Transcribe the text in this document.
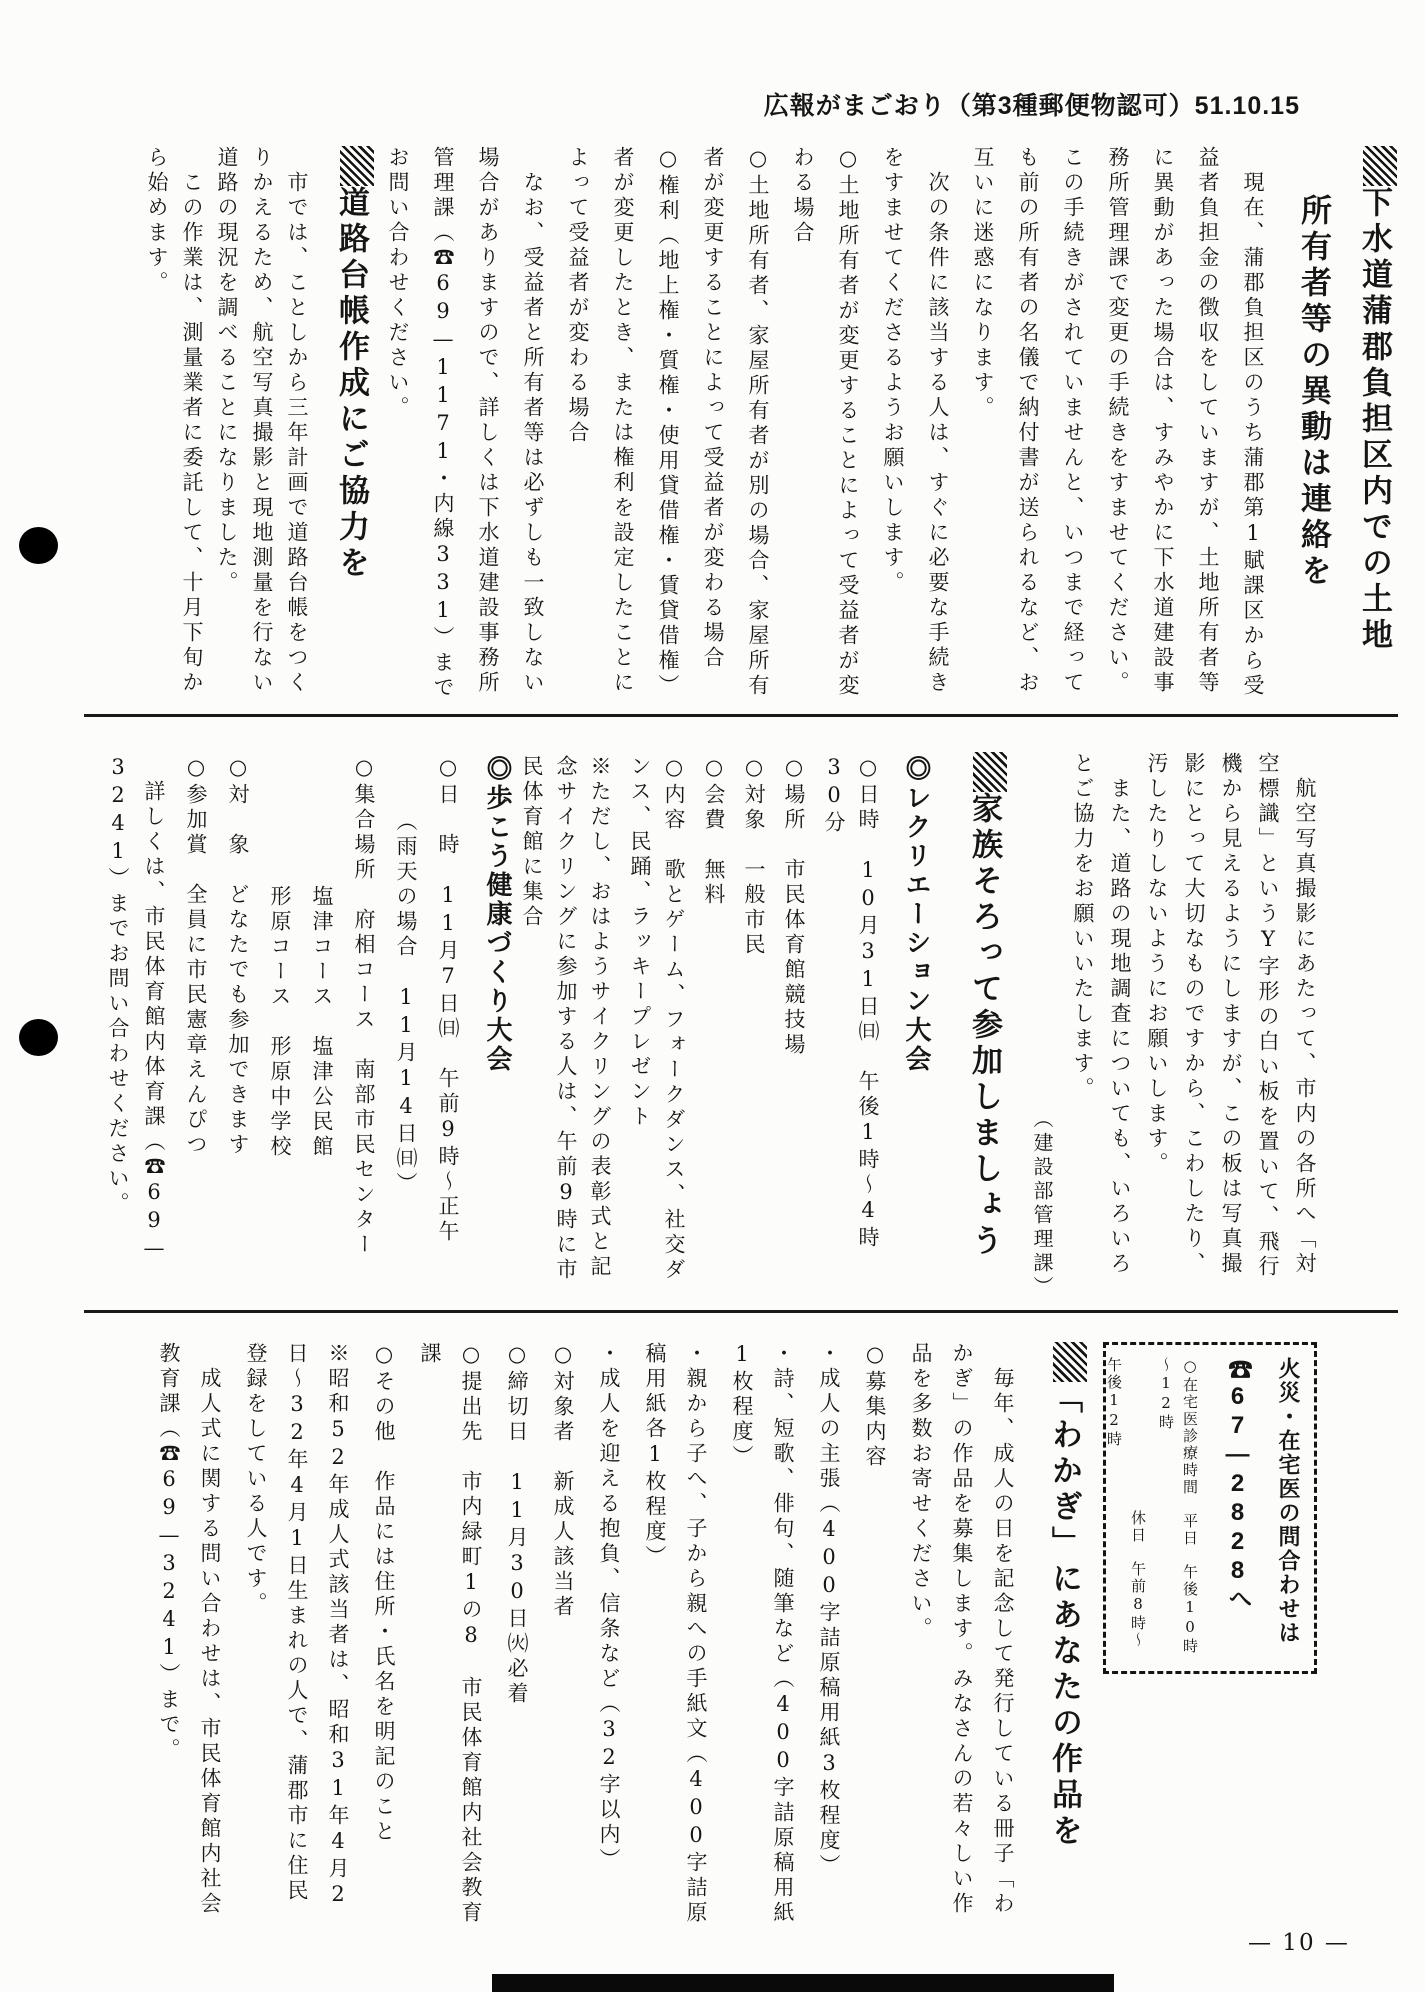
広報がまごおり（第3種郵便物認可）51.10.15
下水道蒲郡負担区内での土地
所有者等の異動は連絡を

　現在、蒲郡負担区のうち蒲郡第1賦課区から受益者負担金の徴収をしていますが、土地所有者等に異動があった場合は、すみやかに下水道建設事務所管理課で変更の手続きをすませてください。この手続きがされていませんと、いつまで経っても前の所有者の名儀で納付書が送られるなど、お互いに迷惑になります。

　次の条件に該当する人は、すぐに必要な手続きをすませてくださるようお願いします。

○土地所有者が変更することによって受益者が変わる場合

○土地所有者、家屋所有者が別の場合、家屋所有者が変更することによって受益者が変わる場合

○権利（地上権・質権・使用貸借権・賃貸借権）者が変更したとき、または権利を設定したことによって受益者が変わる場合

　なお、受益者と所有者等は必ずしも一致しない場合がありますので、詳しくは下水道建設事務所管理課（☎69—1171・内線331）までお問い合わせください。

道路台帳作成にご協力を

　市では、ことしから三年計画で道路台帳をつくりかえるため、航空写真撮影と現地測量を行ない道路の現況を調べることになりました。

　この作業は、測量業者に委託して、十月下旬から始めます。

　航空写真撮影にあたって、市内の各所へ「対空標識」というY字形の白い板を置いて、飛行機から見えるようにしますが、この板は写真撮影にとって大切なものですから、こわしたり、汚したりしないようにお願いします。

　また、道路の現地調査についても、いろいろとご協力をお願いいたします。

（建設部管理課）

家族そろって参加しましょう
◎レクリエーション大会

○日時　10月31日㈰　午後1時～4時30分

○場所　市民体育館競技場

○対象　一般市民

○会費　無料

○内容　歌とゲーム、フォークダンス、社交ダンス、民踊、ラッキープレゼント

※ただし、おはようサイクリングの表彰式と記念サイクリングに参加する人は、午前9時に市民体育館に集合

◎歩こう健康づくり大会

○日　時　11月7日㈰　午前9時～正午

（雨天の場合　11月14日㈰）

○集合場所　府相コース　南部市民センター

塩津コース　塩津公民館

形原コース　形原中学校

○対　象　どなたでも参加できます

○参加賞　全員に市民憲章えんぴつ

　詳しくは、市民体育館内体育課（☎69—3241）までお問い合わせください。

火災・在宅医の問合わせは

☎67—2828へ

○在宅医診療時間　平日　午後10時～12時

休日　午前8時～午後12時

「わかぎ」にあなたの作品を

　毎年、成人の日を記念して発行している冊子「わかぎ」の作品を募集します。みなさんの若々しい作品を多数お寄せください。

○募集内容

・成人の主張（400字詰原稿用紙3枚程度）

・詩、短歌、俳句、随筆など（400字詰原稿用紙1枚程度）

・親から子へ、子から親への手紙文（400字詰原稿用紙各1枚程度）

・成人を迎える抱負、信条など（32字以内）

○対象者　新成人該当者

○締切日　11月30日㈫必着

○提出先　市内緑町1の8　市民体育館内社会教育課

○その他　作品には住所・氏名を明記のこと

※昭和52年成人式該当者は、昭和31年4月2日～32年4月1日生まれの人で、蒲郡市に住民登録をしている人です。

　成人式に関する問い合わせは、市民体育館内社会教育課（☎69—3241）まで。

— 10 —
